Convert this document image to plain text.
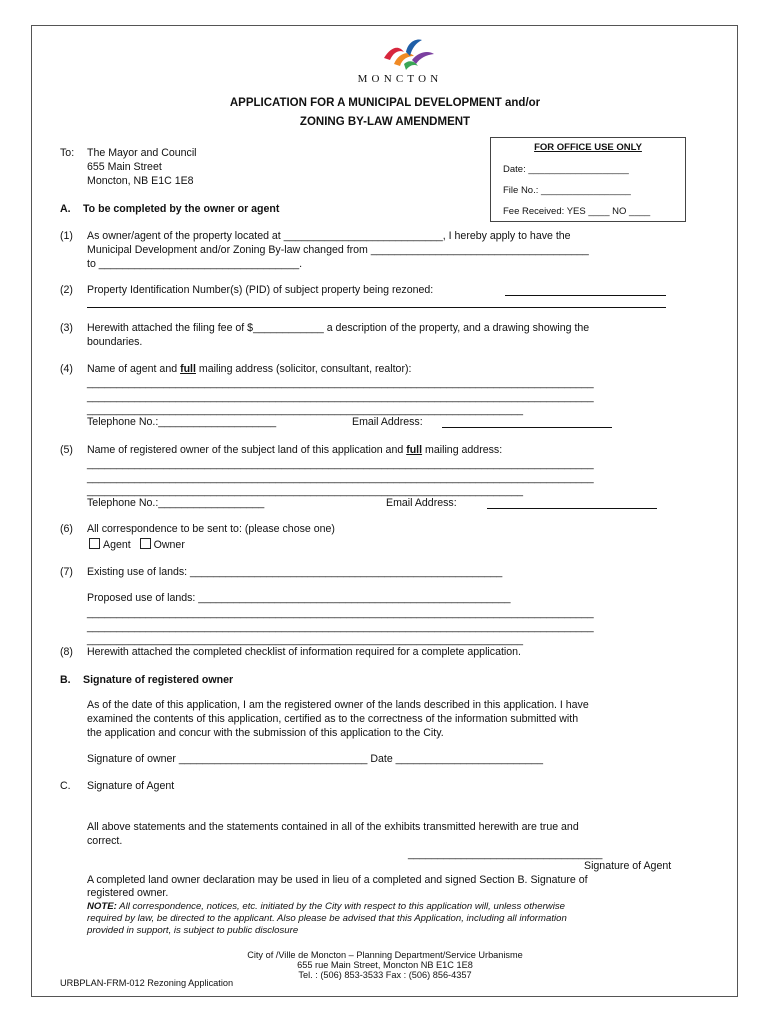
MONCTON
APPLICATION FOR A MUNICIPAL DEVELOPMENT and/or
ZONING BY-LAW AMENDMENT
To: The Mayor and Council
655 Main Street
Moncton, NB E1C 1E8
FOR OFFICE USE ONLY
Date: ___________________
File No.: _________________
Fee Received: YES ____ NO ____
A. To be completed by the owner or agent
(1) As owner/agent of the property located at ___________________________, I hereby apply to have the
Municipal Development and/or Zoning By-law changed from _____________________________________
to __________________________________.
(2) Property Identification Number(s) (PID) of subject property being rezoned:
(3) Herewith attached the filing fee of $____________ a description of the property, and a drawing showing the
boundaries.
(4) Name of agent and full mailing address (solicitor, consultant, realtor):
______________________________________________________________________________________
______________________________________________________________________________________
__________________________________________________________________________
Telephone No.:____________________	Email Address:
(5) Name of registered owner of the subject land of this application and full mailing address:
______________________________________________________________________________________
______________________________________________________________________________________
__________________________________________________________________________
Telephone No.:__________________	Email Address:
(6) All correspondence to be sent to: (please chose one)
Agent Owner
(7) Existing use of lands: _____________________________________________________
Proposed use of lands: _____________________________________________________
______________________________________________________________________________________
______________________________________________________________________________________
__________________________________________________________________________
(8) Herewith attached the completed checklist of information required for a complete application.
B. Signature of registered owner
As of the date of this application, I am the registered owner of the lands described in this application. I have
examined the contents of this application, certified as to the correctness of the information submitted with
the application and concur with the submission of this application to the City.
Signature of owner ________________________________ Date _________________________
C. Signature of Agent
All above statements and the statements contained in all of the exhibits transmitted herewith are true and
correct.
_________________________________
Signature of Agent
A completed land owner declaration may be used in lieu of a completed and signed Section B. Signature of
registered owner.
NOTE: All correspondence, notices, etc. initiated by the City with respect to this application will, unless otherwise
required by law, be directed to the applicant. Also please be advised that this Application, including all information
provided in support, is subject to public disclosure
City of /Ville de Moncton – Planning Department/Service Urbanisme
655 rue Main Street, Moncton NB E1C 1E8
Tel. : (506) 853-3533 Fax : (506) 856-4357
URBPLAN-FRM-012 Rezoning Application
